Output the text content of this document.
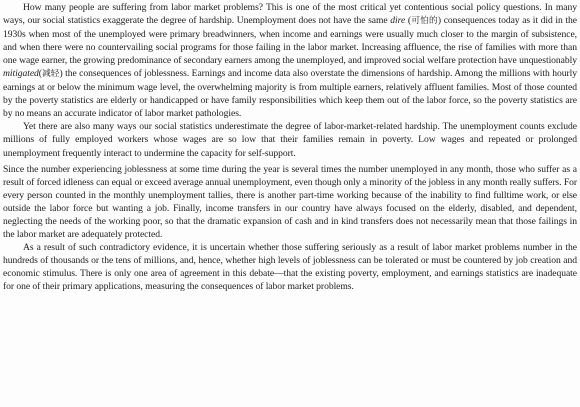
How many people are suffering from labor market problems? This is one of the most critical yet contentious social policy questions. In many ways, our social statistics exaggerate the degree of hardship. Unemployment does not have the same dire (可怕的) consequences today as it did in the 1930s when most of the unemployed were primary breadwinners, when income and earnings were usually much closer to the margin of subsistence, and when there were no countervailing social programs for those failing in the labor market. Increasing affluence, the rise of families with more than one wage earner, the growing predominance of secondary earners among the unemployed, and improved social welfare protection have unquestionably mitigated(减轻) the consequences of joblessness. Earnings and income data also overstate the dimensions of hardship. Among the millions with hourly earnings at or below the minimum wage level, the overwhelming majority is from multiple earners, relatively affluent families. Most of those counted by the poverty statistics are elderly or handicapped or have family responsibilities which keep them out of the labor force, so the poverty statistics are by no means an accurate indicator of labor market pathologies.

Yet there are also many ways our social statistics underestimate the degree of labor-market-related hardship. The unemployment counts exclude millions of fully employed workers whose wages are so low that their families remain in poverty. Low wages and repeated or prolonged unemployment frequently interact to undermine the capacity for self-support.

Since the number experiencing joblessness at some time during the year is several times the number unemployed in any month, those who suffer as a result of forced idleness can equal or exceed average annual unemployment, even though only a minority of the jobless in any month really suffers. For every person counted in the monthly unemployment tallies, there is another part-time working because of the inability to find fulltime work, or else outside the labor force but wanting a job. Finally, income transfers in our country have always focused on the elderly, disabled, and dependent, neglecting the needs of the working poor, so that the dramatic expansion of cash and in kind transfers does not necessarily mean that those failings in the labor market are adequately protected.

As a result of such contradictory evidence, it is uncertain whether those suffering seriously as a result of labor market problems number in the hundreds of thousands or the tens of millions, and, hence, whether high levels of joblessness can be tolerated or must be countered by job creation and economic stimulus. There is only one area of agreement in this debate—that the existing poverty, employment, and earnings statistics are inadequate for one of their primary applications, measuring the consequences of labor market problems.
